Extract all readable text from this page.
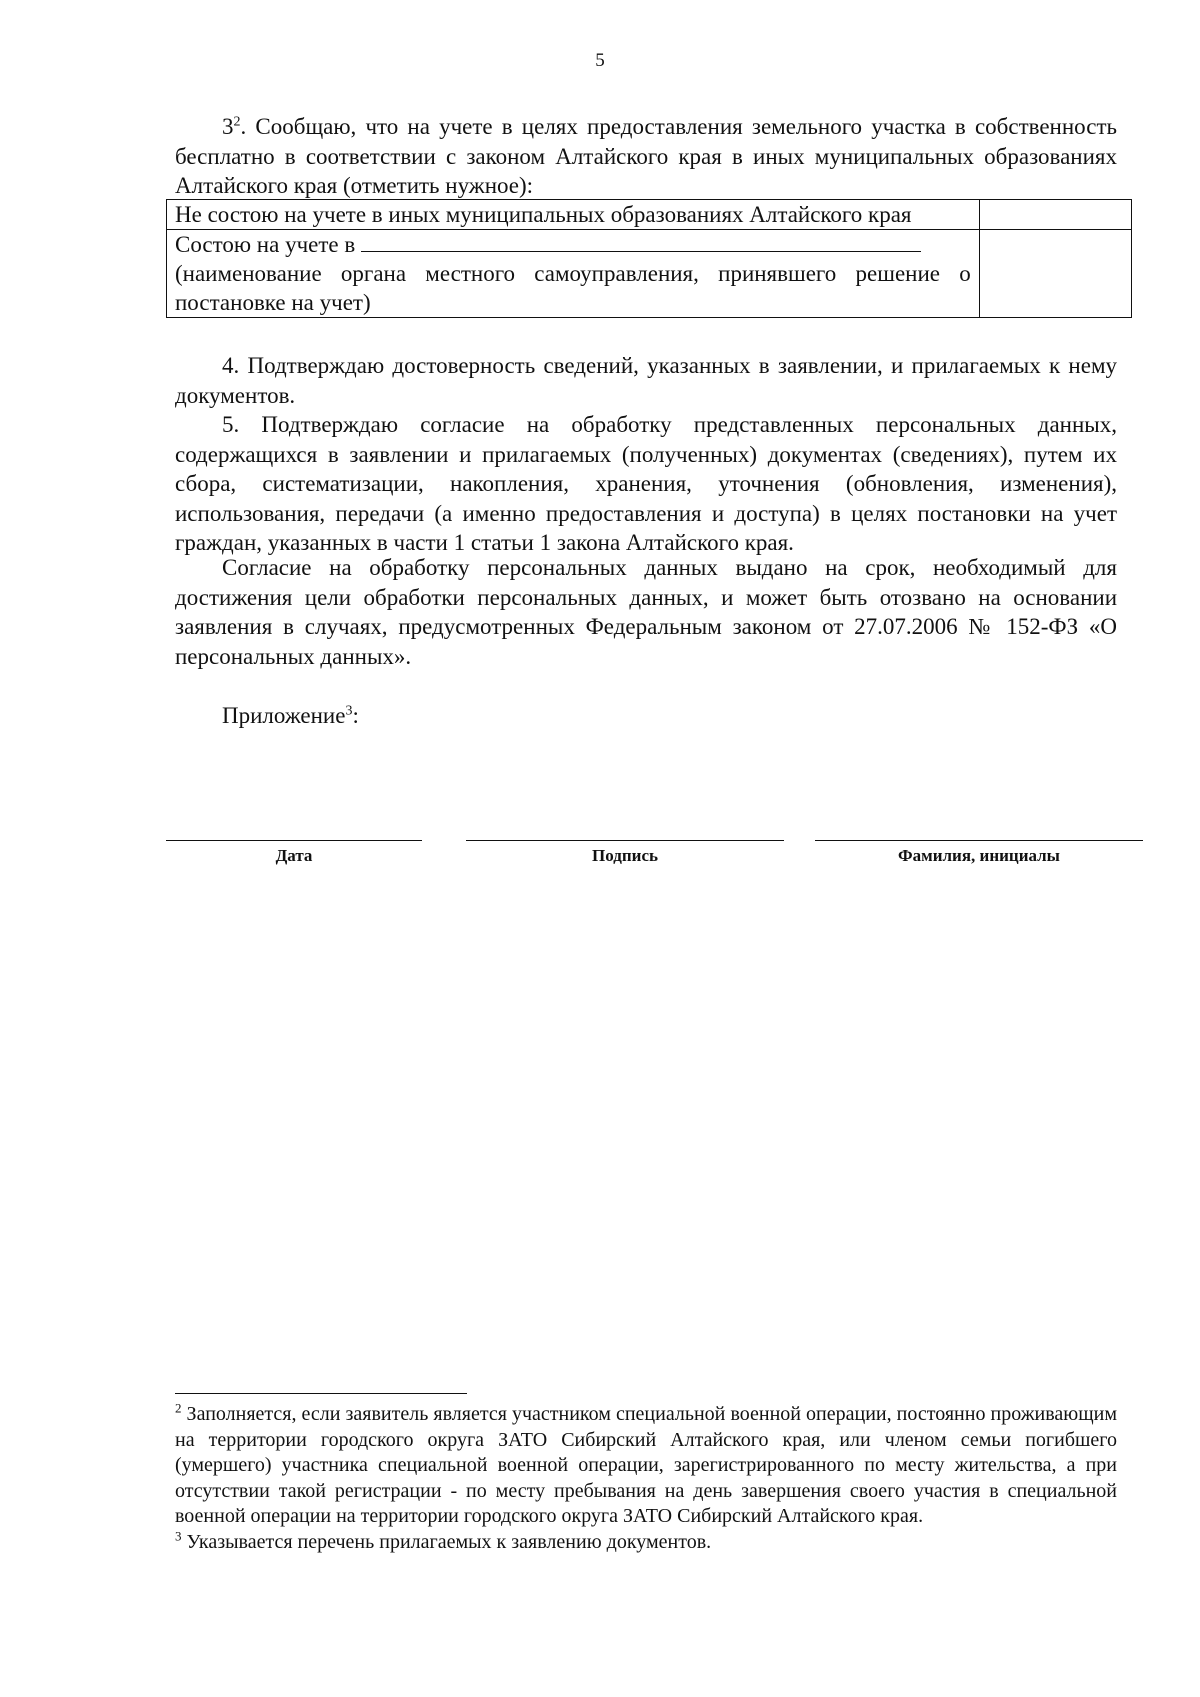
5

$3^2$. Сообщаю, что на учете в целях предоставления земельного участка в собственность бесплатно в соответствии с законом Алтайского края в иных муниципальных образованиях Алтайского края (отметить нужное):

Не состою на учете в иных муниципальных образованиях Алтайского края	
Состою на учете в
(наименование органа местного самоуправления, принявшего решение о постановке на учет)	

4. Подтверждаю достоверность сведений, указанных в заявлении, и прилагаемых к нему документов.

5. Подтверждаю согласие на обработку представленных персональных данных, содержащихся в заявлении и прилагаемых (полученных) документах (сведениях), путем их сбора, систематизации, накопления, хранения, уточнения (обновления, изменения), использования, передачи (а именно предоставления и доступа) в целях постановки на учет граждан, указанных в части 1 статьи 1 закона Алтайского края.

Согласие на обработку персональных данных выдано на срок, необходимый для достижения цели обработки персональных данных, и может быть отозвано на основании заявления в случаях, предусмотренных Федеральным законом от 27.07.2006 № 152-ФЗ «О персональных данных».

Приложение$^3$:

Дата	Подпись	Фамилия, инициалы

$^2$ Заполняется, если заявитель является участником специальной военной операции, постоянно проживающим на территории городского округа ЗАТО Сибирский Алтайского края, или членом семьи погибшего (умершего) участника специальной военной операции, зарегистрированного по месту жительства, а при отсутствии такой регистрации - по месту пребывания на день завершения своего участия в специальной военной операции на территории городского округа ЗАТО Сибирский Алтайского края.

$^3$ Указывается перечень прилагаемых к заявлению документов.
